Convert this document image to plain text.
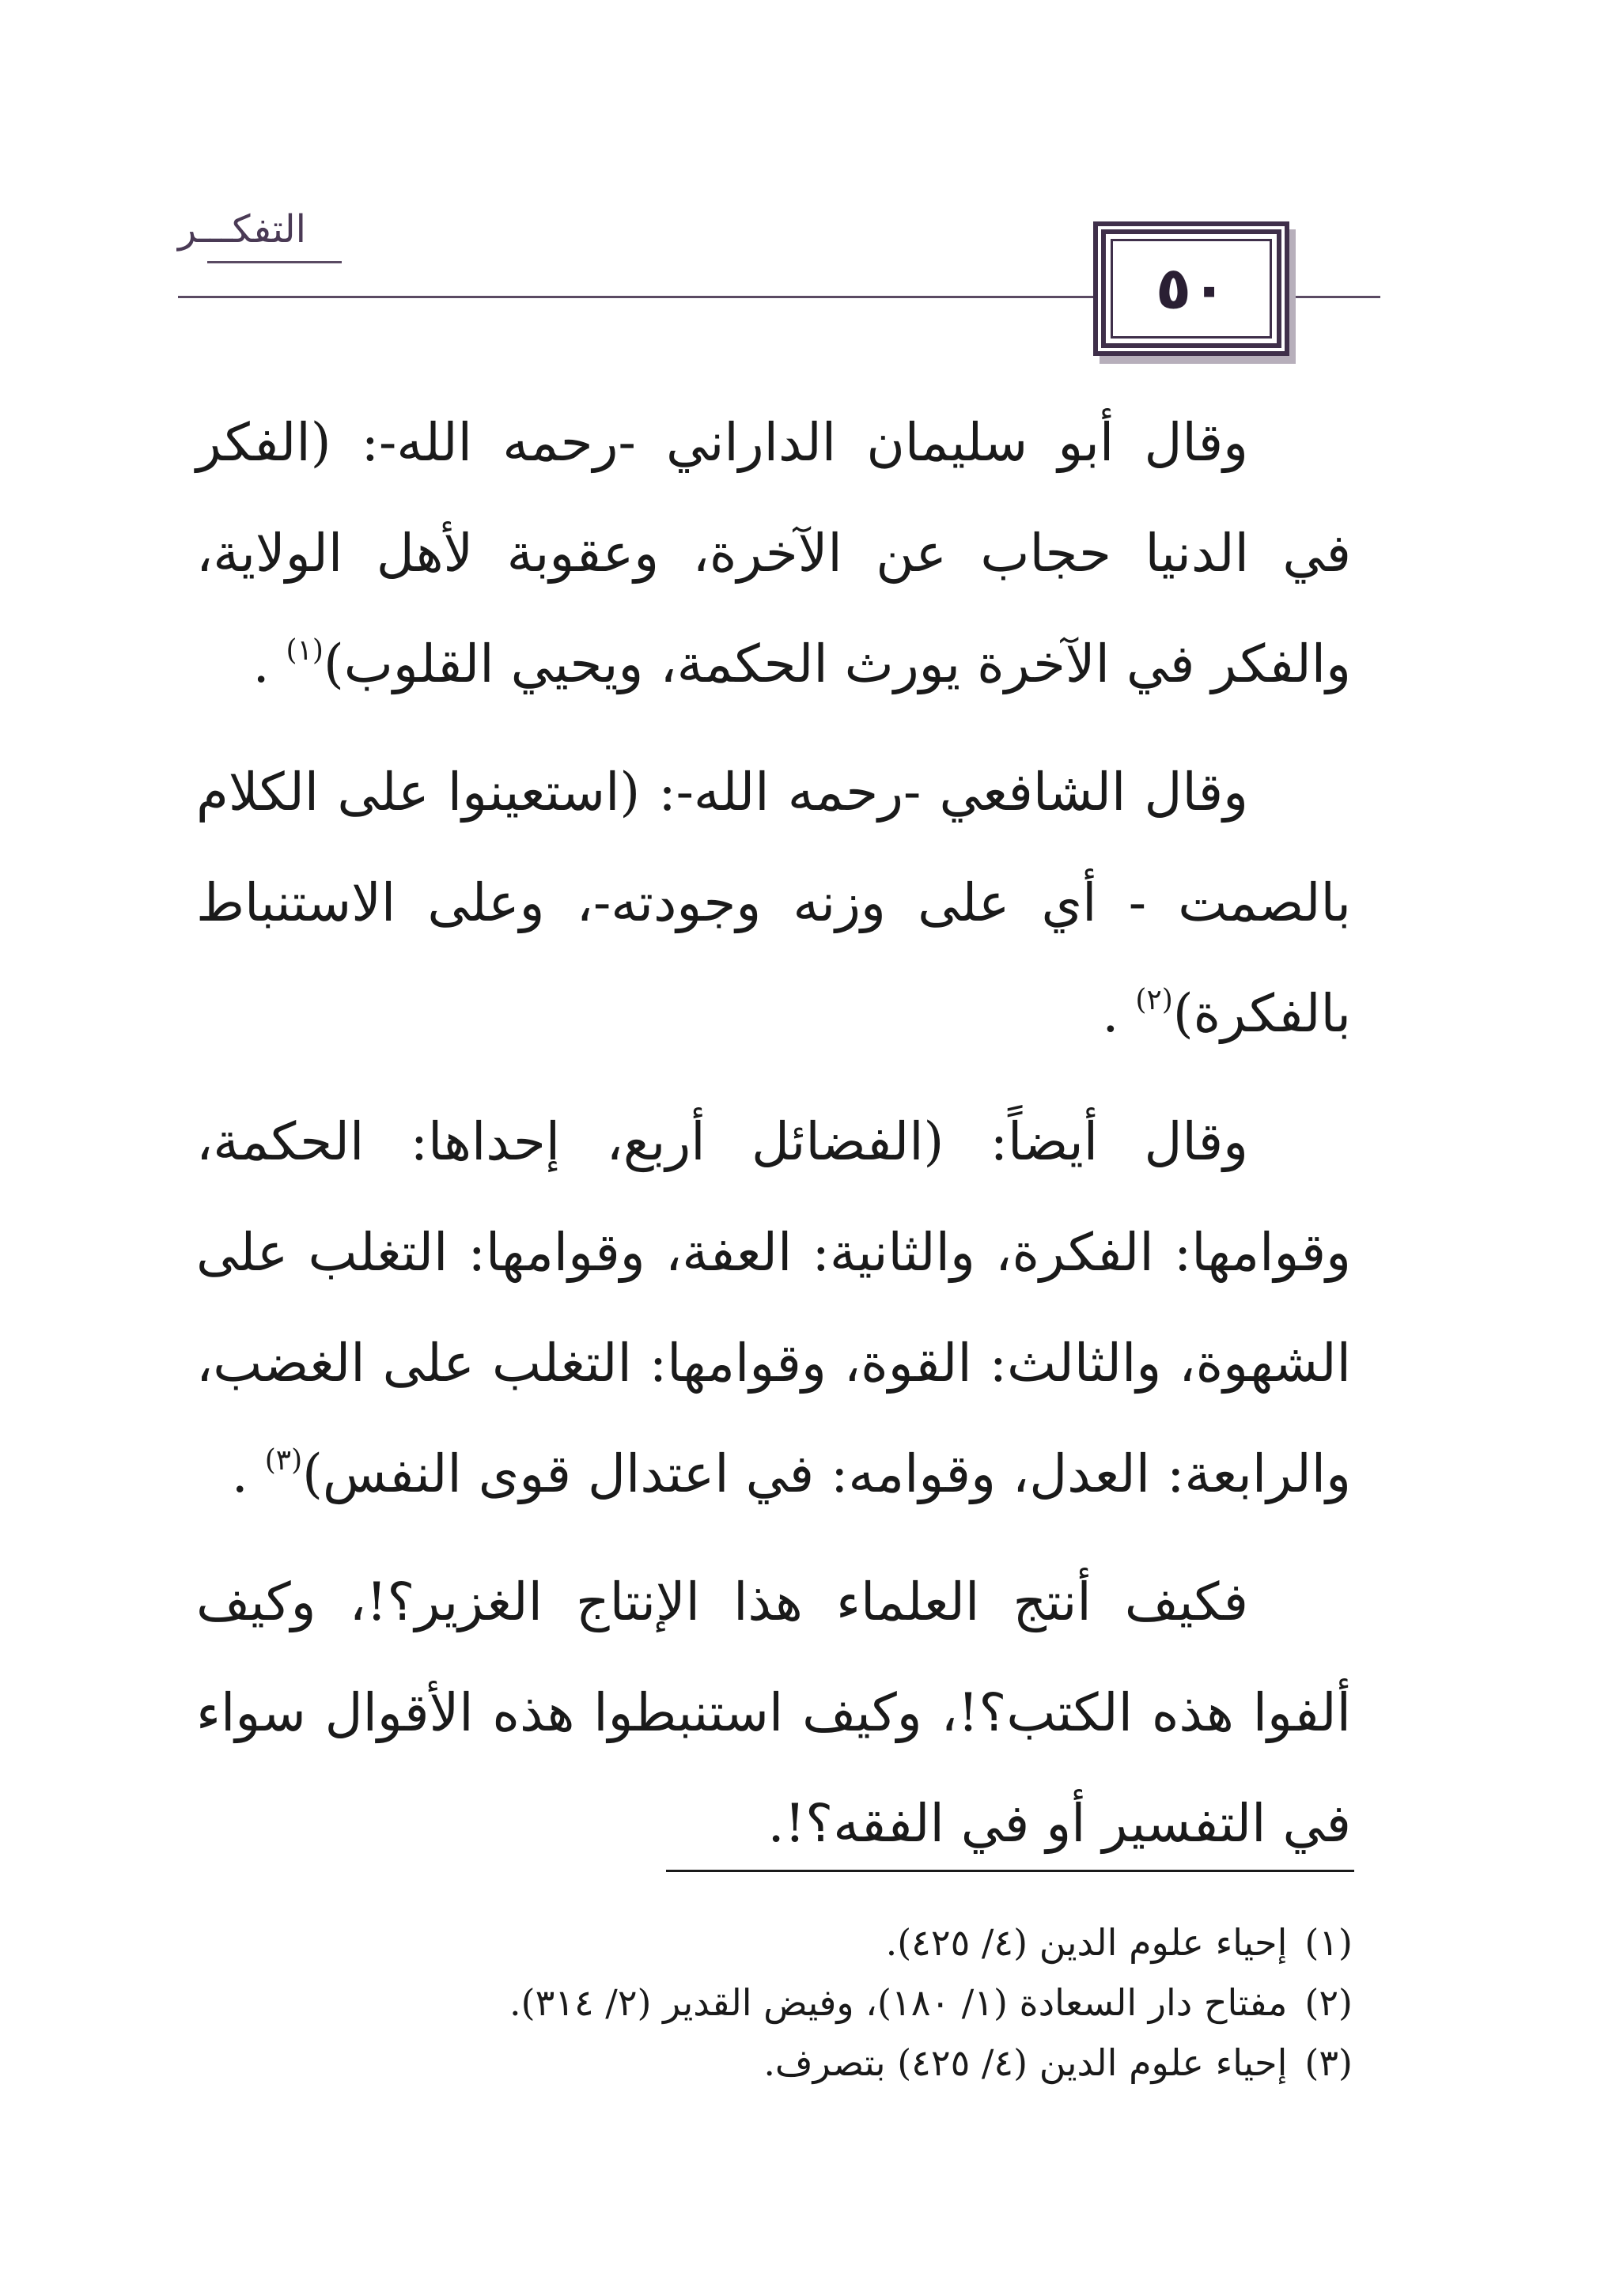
التفكـــر
٥٠

وقال أبو سليمان الداراني -رحمه الله-: (الفكر في الدنيا حجاب عن الآخرة، وعقوبة لأهل الولاية، والفكر في الآخرة يورث الحكمة، ويحيي القلوب)$^{(١)}$ .

وقال الشافعي -رحمه الله-: (استعينوا على الكلام بالصمت - أي على وزنه وجودته-، وعلى الاستنباط بالفكرة)$^{(٢)}$ .

وقال أيضاً: (الفضائل أربع، إحداها: الحكمة، وقوامها: الفكرة، والثانية: العفة، وقوامها: التغلب على الشهوة، والثالث: القوة، وقوامها: التغلب على الغضب، والرابعة: العدل، وقوامه: في اعتدال قوى النفس)$^{(٣)}$ .

فكيف أنتج العلماء هذا الإنتاج الغزير؟!، وكيف ألفوا هذه الكتب؟!، وكيف استنبطوا هذه الأقوال سواء في التفسير أو في الفقه؟!.

(١)
إحياء علوم الدين (٤/ ٤٢٥).
(٢)
مفتاح دار السعادة (١/ ١٨٠)، وفيض القدير (٢/ ٣١٤).
(٣)
إحياء علوم الدين (٤/ ٤٢٥) بتصرف.
